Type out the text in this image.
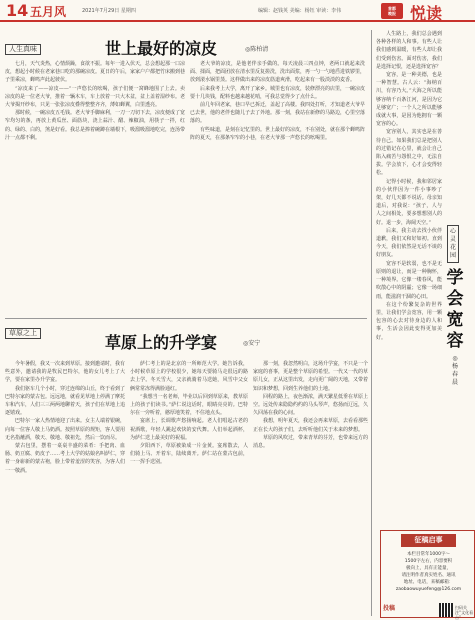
14 五月风	2021年7月29日 星期四	编辑：赵钱英 美编：杨钰 审读：李伟	首都
晚报 悦读
人生真味	世上最好的凉皮	◎陈柏清

七月，天气炎热，心情烦躁，食欲不振。每年一进入伏天，总会想起那一口凉皮，想起小时候在老家巷口吃的那碗凉皮。夏日的午后，家家户户都把竹床搬到巷子里乘凉，蝉鸣声此起彼伏。

“凉皮来了——凉皮——”一声悠长的吆喝，孩子们便一窝蜂地围了上去。卖凉皮的是一位老大爷，推着一辆木车，车上放着一只大木盆，盆上盖着湿纱布。老大爷揭开纱布，只见一张张凉皮叠得整整齐齐，薄如蝉翼，白里透亮。

那时候，一碗凉皮五毛钱。老大爷手脚麻利，一刀一刀切下去，凉皮便成了宽窄均匀的条，再放上黄瓜丝、面筋块，浇上蒜汁、醋、辣椒油，用筷子一拌，红的、绿的、白的，煞是好看。我总是捧着碗蹲在墙根下，吸溜吸溜地吃完，连汤带汁一点都不剩。

老大爷的凉皮，是他老伴亲手做的。每天凌晨三四点钟，老两口就起来洗面、揉面，把面团放在清水里反复搓洗，洗出面浆，再一勺一勺地舀进铁锣里，放到滚水锅里蒸。这样做出来的凉皮筋道爽滑，吃起来有一股淡淡的麦香。

后来我考上大学，离开了家乡。城里也有凉皮，装修漂亮的店里，一碗凉皮要十几块钱，配料也越来越花哨，可我总觉得少了点什么。

前几年回老家，巷口早已拆迁，盖起了高楼。我四处打听，才知道老大爷早已去世，他的老伴也随儿子去了外地。那一刻，我站在新修的马路边，心里空落落的。

有些味道，是刻在记忆里的。世上最好的凉皮，不在别处，就在那个蝉鸣阵阵的夏天，在那条窄窄的小巷，在老大爷那一声悠长的吆喝里。

草原之上	草原上的升学宴	◎安宁

今年暑假，我又一次来到草原。接到邀请时，我有些意外，邀请我的是牧民巴特尔，他的女儿考上了大学，要在家里办升学宴。

我们驱车几个小时，穿过连绵的山丘，终于看到了巴特尔家的蒙古包。远远地，就看见草地上停满了摩托车和汽车，人们三三两两地聊着天，孩子们在草地上追逐嬉戏。

巴特尔一家人热情地迎了出来。女主人端着银碗，向每一位客人敬上马奶酒。按照草原的规矩，客人要用无名指蘸酒，敬天、敬地、敬祖先，然后一饮而尽。

蒙古包里，摆着一桌桌丰盛的菜肴：手把肉、血肠、奶豆腐、奶皮子……考上大学的姑娘名叫萨仁，穿着一身崭新的蒙古袍，脸上带着羞涩的笑容，为客人们一一敬酒。

萨仁考上的是北京的一所师范大学。她告诉我，小时候草原上的学校很少，她每天要骑马走很远的路去上学。冬天雪大，父亲就骑着马送她，风雪中父女俩常常冻得满脸通红。

“我想当一名老师，毕业以后回到草原来，教草原上的孩子们读书。”萨仁说这话时，眼睛亮亮的。巴特尔在一旁听着，憨厚地笑着，不住地点头。

宴席上，长调歌声悠扬响起。老人们唱起古老的祝酒歌，年轻人跳起欢快的安代舞。人们举起酒杯，为萨仁送上最美好的祝福。

夕阳西下，草原被染成一片金黄。宴席散去，人们骑上马、开着车，陆续离开。萨仁站在蒙古包前，一一挥手送别。

那一刻，我忽然明白，这场升学宴，不只是一个家庭的喜事，更是整个草原的希望。一代又一代的草原儿女，正从这里出发，走向更广阔的天地，又带着知识和梦想，回到生养他们的土地。

回程的路上，夜色渐浓，满天繁星低垂在草原上空。远处传来隐隐约约的马头琴声，悠扬而辽远，久久回荡在我的心间。

我想，明年夏天，我还会再来草原，去看看那些正在长大的孩子们，去听听他们关于未来的梦想。

草原的风吹过，带来青草的芬芳，也带来远方的消息。

人生路上，我们总会遇到各种各样的人和事。有些人让我们感到温暖，有些人却让我们受到伤害。面对伤害，我们是选择记恨，还是选择宽容？

宽容，是一种美德，也是一种智慧。古人云：“海纳百川，有容乃大。”大海之所以能够容纳千百条江河，是因为它足够宽广；一个人之所以能够成就大事，是因为他拥有一颗宽容的心。

宽容别人，其实也是在善待自己。如果我们总是把别人的过错记在心里，就会让自己陷入痛苦与怨恨之中，无法自拔。学会放下，心才会变得轻松。

记得小时候，我和邻居家的小伙伴因为一件小事吵了架，好几天都不说话。母亲知道后，对我说：“孩子，人与人之间相处，要多想想别人的好。退一步，海阔天空。”

后来，我主动去找小伙伴道歉，我们又和好如初。直到今天，我们依然是无话不谈的好朋友。

宽容不是软弱，也不是无原则的退让，而是一种胸怀，一种境界。它像一缕春风，能吹散心中的阴霾；它像一场细雨，能滋润干涸的心田。

在这个纷繁复杂的世界里，让我们学会宽容，用一颗包容的心去对待身边的人和事，生活会因此变得更加美好。

心灵花园
学会宽容
◎杨春晨
征稿启事
本栏目常年1000字～
1500字左右，内容要积
极向上，具有正能量，
请注明作者真实姓名、通讯
地址、电话，来稿邮箱：
zaobaowuyuefeng@126.com
投稿	扫码关注“文化看台”
